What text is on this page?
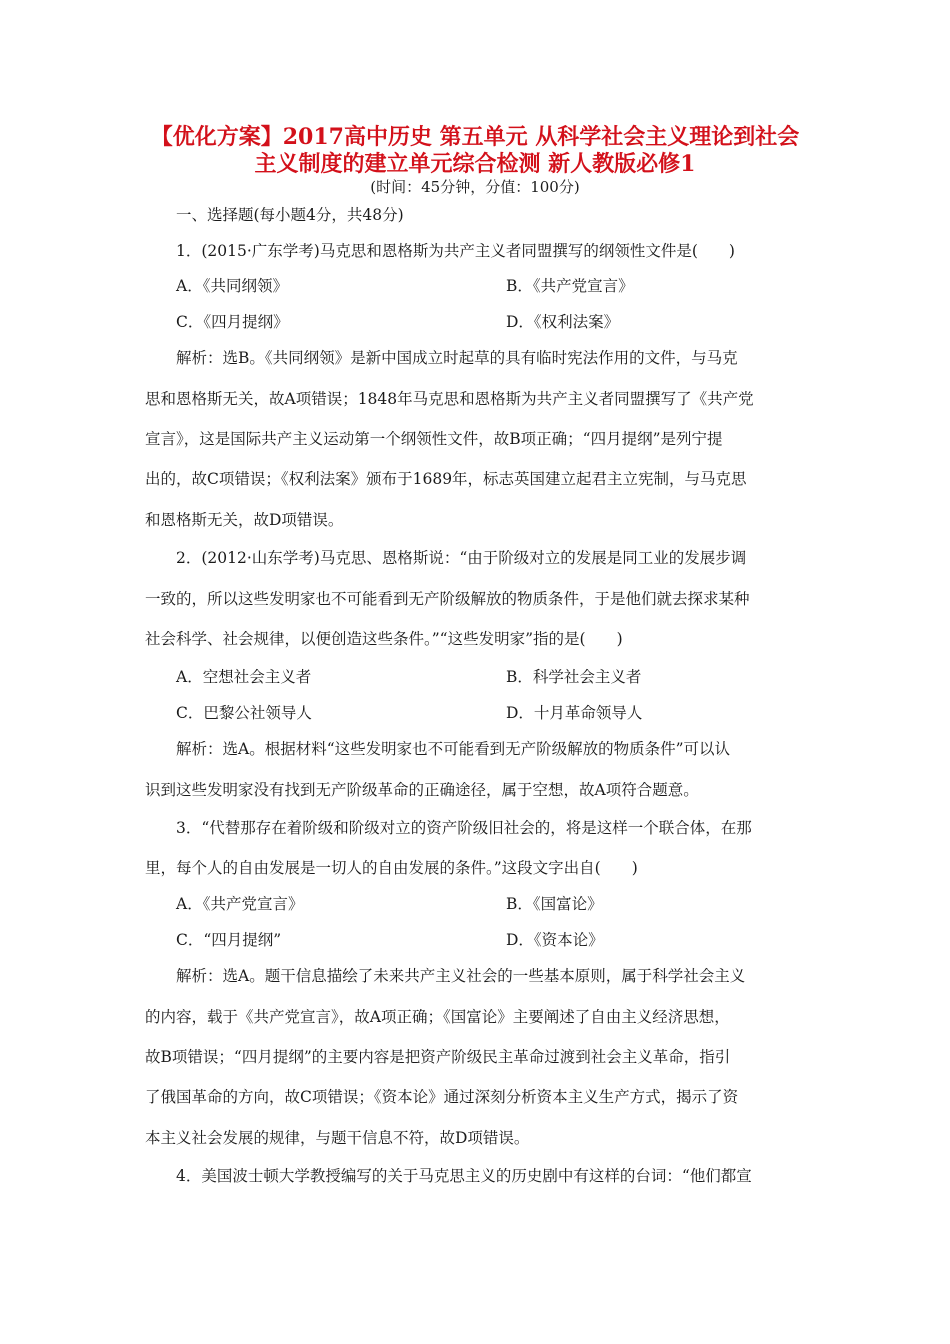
【优化方案】2017高中历史 第五单元 从科学社会主义理论到社会
主义制度的建立单元综合检测 新人教版必修1
(时间：45分钟，分值：100分)
一、选择题(每小题4分，共48分)
1．(2015·广东学考)马克思和恩格斯为共产主义者同盟撰写的纲领性文件是(　　)
A．《共同纲领》	B．《共产党宣言》
C．《四月提纲》	D．《权利法案》
解析：选B。《共同纲领》是新中国成立时起草的具有临时宪法作用的文件，与马克
思和恩格斯无关，故A项错误；1848年马克思和恩格斯为共产主义者同盟撰写了《共产党
宣言》，这是国际共产主义运动第一个纲领性文件，故B项正确；“四月提纲”是列宁提
出的，故C项错误；《权利法案》颁布于1689年，标志英国建立起君主立宪制，与马克思
和恩格斯无关，故D项错误。
2．(2012·山东学考)马克思、恩格斯说：“由于阶级对立的发展是同工业的发展步调
一致的，所以这些发明家也不可能看到无产阶级解放的物质条件，于是他们就去探求某种
社会科学、社会规律，以便创造这些条件。”“这些发明家”指的是(　　)
A．空想社会主义者	B．科学社会主义者
C．巴黎公社领导人	D．十月革命领导人
解析：选A。根据材料“这些发明家也不可能看到无产阶级解放的物质条件”可以认
识到这些发明家没有找到无产阶级革命的正确途径，属于空想，故A项符合题意。
3．“代替那存在着阶级和阶级对立的资产阶级旧社会的，将是这样一个联合体，在那
里，每个人的自由发展是一切人的自由发展的条件。”这段文字出自(　　)
A．《共产党宣言》	B．《国富论》
C．“四月提纲”	D．《资本论》
解析：选A。题干信息描绘了未来共产主义社会的一些基本原则，属于科学社会主义
的内容，载于《共产党宣言》，故A项正确；《国富论》主要阐述了自由主义经济思想，
故B项错误；“四月提纲”的主要内容是把资产阶级民主革命过渡到社会主义革命，指引
了俄国革命的方向，故C项错误；《资本论》通过深刻分析资本主义生产方式，揭示了资
本主义社会发展的规律，与题干信息不符，故D项错误。
4．美国波士顿大学教授编写的关于马克思主义的历史剧中有这样的台词：“他们都宣
